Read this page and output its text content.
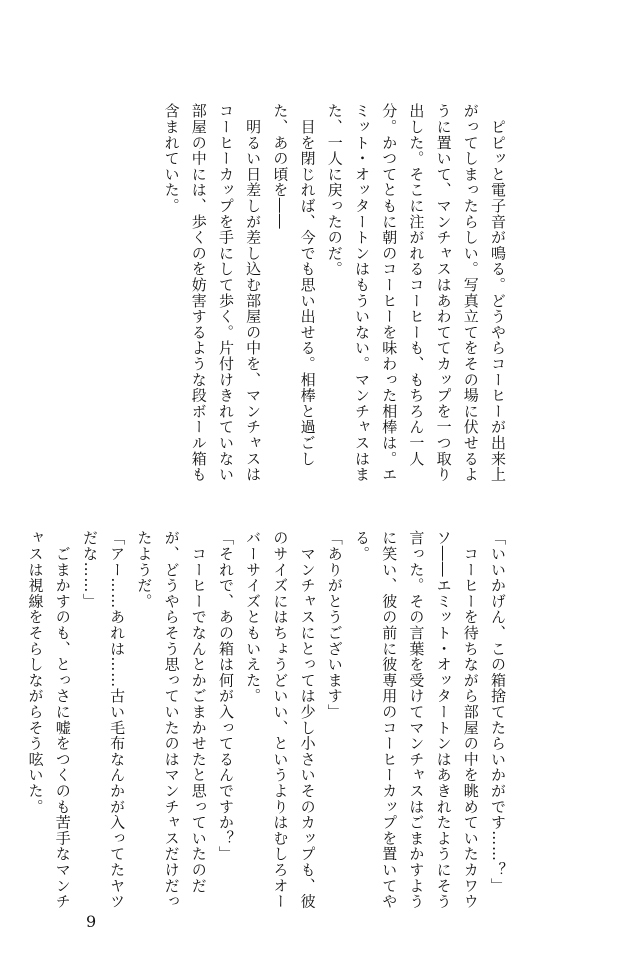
　ピピッと電子音が鳴る。どうやらコーヒーが出来上がってしまったらしい。写真立てをその場に伏せるように置いて、マンチャスはあわててカップを一つ取り出した。そこに注がれるコーヒーも、もちろん一人分。かつてともに朝のコーヒーを味わった相棒は。エミット・オッタートンはもういない。マンチャスはまた、一人に戻ったのだ。

　目を閉じれば、今でも思い出せる。相棒と過ごした、あの頃を――

　明るい日差しが差し込む部屋の中を、マンチャスはコーヒーカップを手にして歩く。片付けきれていない部屋の中には、歩くのを妨害するような段ボール箱も含まれていた。

「いいかげん、この箱捨てたらいかがです……？」

　コーヒーを待ちながら部屋の中を眺めていたカワウソ――エミット・オッタートンはあきれたようにそう言った。その言葉を受けてマンチャスはごまかすように笑い、彼の前に彼専用のコーヒーカップを置いてやる。

「ありがとうございます」

　マンチャスにとっては少し小さいそのカップも、彼のサイズにはちょうどいい、というよりはむしろオーバーサイズともいえた。

「それで、あの箱は何が入ってるんですか？」

　コーヒーでなんとかごまかせたと思っていたのだが、どうやらそう思っていたのはマンチャスだけだったようだ。

「アー……あれは……古い毛布なんかが入ってたヤツだな……」

　ごまかすのも、とっさに嘘をつくのも苦手なマンチャスは視線をそらしながらそう呟いた。

9
